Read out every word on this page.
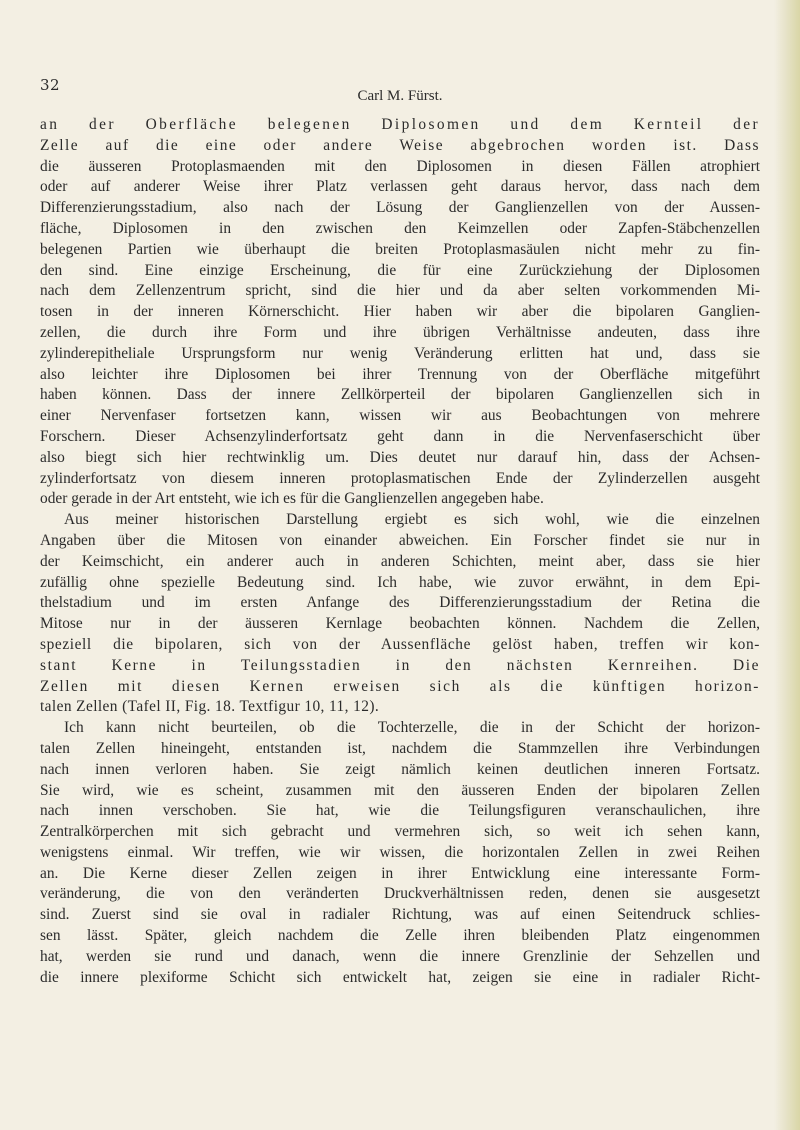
32
Carl M. Fürst.
an der Oberfläche belegenen Diplosomen und dem Kernteil der
Zelle auf die eine oder andere Weise abgebrochen worden ist. Dass
die äusseren Protoplasmaenden mit den Diplosomen in diesen Fällen atrophiert
oder auf anderer Weise ihrer Platz verlassen geht daraus hervor, dass nach dem
Differenzierungsstadium, also nach der Lösung der Ganglienzellen von der Aussen-
fläche, Diplosomen in den zwischen den Keimzellen oder Zapfen-Stäbchenzellen
belegenen Partien wie überhaupt die breiten Protoplasmasäulen nicht mehr zu fin-
den sind. Eine einzige Erscheinung, die für eine Zurückziehung der Diplosomen
nach dem Zellenzentrum spricht, sind die hier und da aber selten vorkommenden Mi-
tosen in der inneren Körnerschicht. Hier haben wir aber die bipolaren Ganglien-
zellen, die durch ihre Form und ihre übrigen Verhältnisse andeuten, dass ihre
zylinderepitheliale Ursprungsform nur wenig Veränderung erlitten hat und, dass sie
also leichter ihre Diplosomen bei ihrer Trennung von der Oberfläche mitgeführt
haben können. Dass der innere Zellkörperteil der bipolaren Ganglienzellen sich in
einer Nervenfaser fortsetzen kann, wissen wir aus Beobachtungen von mehrere
Forschern. Dieser Achsenzylinderfortsatz geht dann in die Nervenfaserschicht über
also biegt sich hier rechtwinklig um. Dies deutet nur darauf hin, dass der Achsen-
zylinderfortsatz von diesem inneren protoplasmatischen Ende der Zylinderzellen ausgeht
oder gerade in der Art entsteht, wie ich es für die Ganglienzellen angegeben habe.
Aus meiner historischen Darstellung ergiebt es sich wohl, wie die einzelnen
Angaben über die Mitosen von einander abweichen. Ein Forscher findet sie nur in
der Keimschicht, ein anderer auch in anderen Schichten, meint aber, dass sie hier
zufällig ohne spezielle Bedeutung sind. Ich habe, wie zuvor erwähnt, in dem Epi-
thelstadium und im ersten Anfange des Differenzierungsstadium der Retina die
Mitose nur in der äusseren Kernlage beobachten können. Nachdem die Zellen,
speziell die bipolaren, sich von der Aussenfläche gelöst haben, treffen wir kon-
stant Kerne in Teilungsstadien in den nächsten Kernreihen. Die
Zellen mit diesen Kernen erweisen sich als die künftigen horizon-
talen Zellen (Tafel II, Fig. 18. Textfigur 10, 11, 12).
Ich kann nicht beurteilen, ob die Tochterzelle, die in der Schicht der horizon-
talen Zellen hineingeht, entstanden ist, nachdem die Stammzellen ihre Verbindungen
nach innen verloren haben. Sie zeigt nämlich keinen deutlichen inneren Fortsatz.
Sie wird, wie es scheint, zusammen mit den äusseren Enden der bipolaren Zellen
nach innen verschoben. Sie hat, wie die Teilungsfiguren veranschaulichen, ihre
Zentralkörperchen mit sich gebracht und vermehren sich, so weit ich sehen kann,
wenigstens einmal. Wir treffen, wie wir wissen, die horizontalen Zellen in zwei Reihen
an. Die Kerne dieser Zellen zeigen in ihrer Entwicklung eine interessante Form-
veränderung, die von den veränderten Druckverhältnissen reden, denen sie ausgesetzt
sind. Zuerst sind sie oval in radialer Richtung, was auf einen Seitendruck schlies-
sen lässt. Später, gleich nachdem die Zelle ihren bleibenden Platz eingenommen
hat, werden sie rund und danach, wenn die innere Grenzlinie der Sehzellen und
die innere plexiforme Schicht sich entwickelt hat, zeigen sie eine in radialer Richt-
